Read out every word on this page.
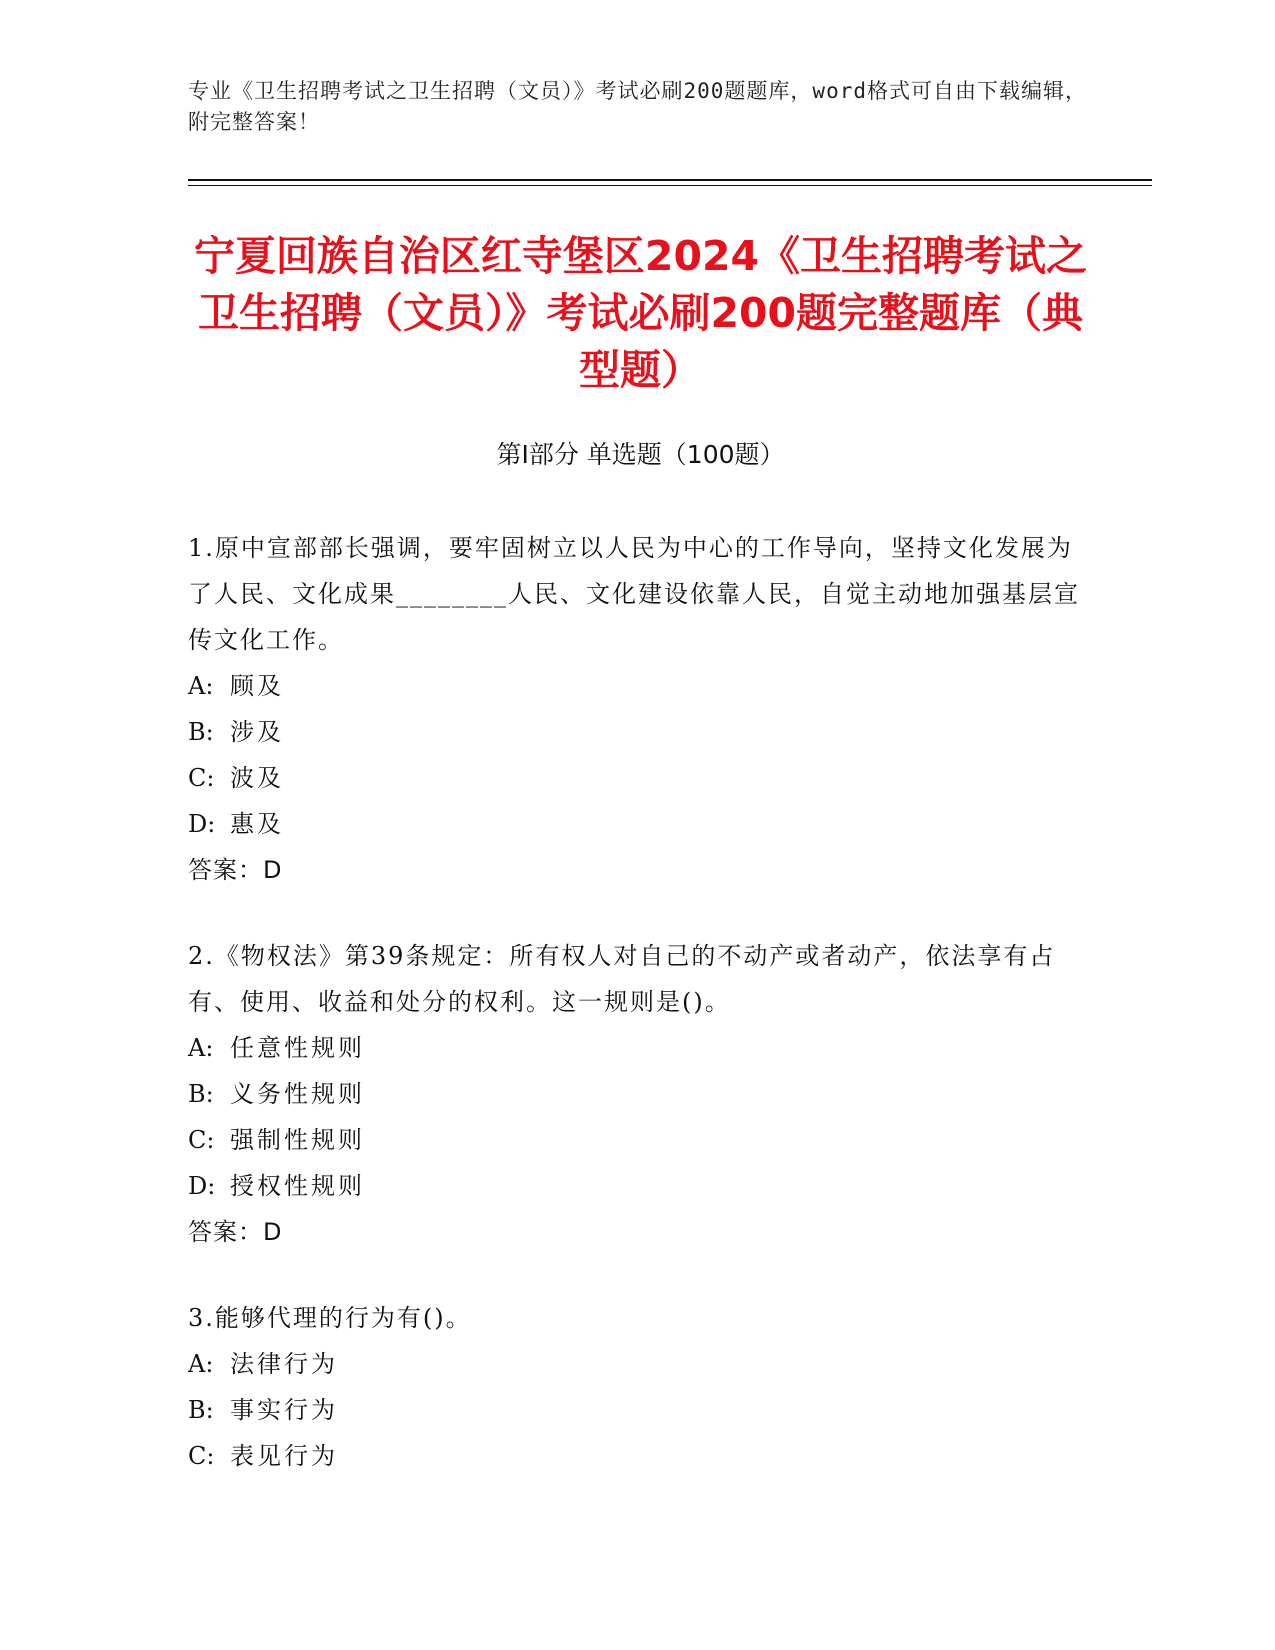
专业《卫生招聘考试之卫生招聘（文员）》考试必刷200题题库，word格式可自由下载编辑，附完整答案！
宁夏回族自治区红寺堡区2024《卫生招聘考试之卫生招聘（文员）》考试必刷200题完整题库（典型题）
第Ⅰ部分 单选题（100题）
1.原中宣部部长强调，要牢固树立以人民为中心的工作导向，坚持文化发展为了人民、文化成果________人民、文化建设依靠人民，自觉主动地加强基层宣传文化工作。
A: 顾及
B: 涉及
C: 波及
D: 惠及
答案：D
2.《物权法》第39条规定：所有权人对自己的不动产或者动产，依法享有占有、使用、收益和处分的权利。这一规则是()。
A: 任意性规则
B: 义务性规则
C: 强制性规则
D: 授权性规则
答案：D
3.能够代理的行为有()。
A: 法律行为
B: 事实行为
C: 表见行为
